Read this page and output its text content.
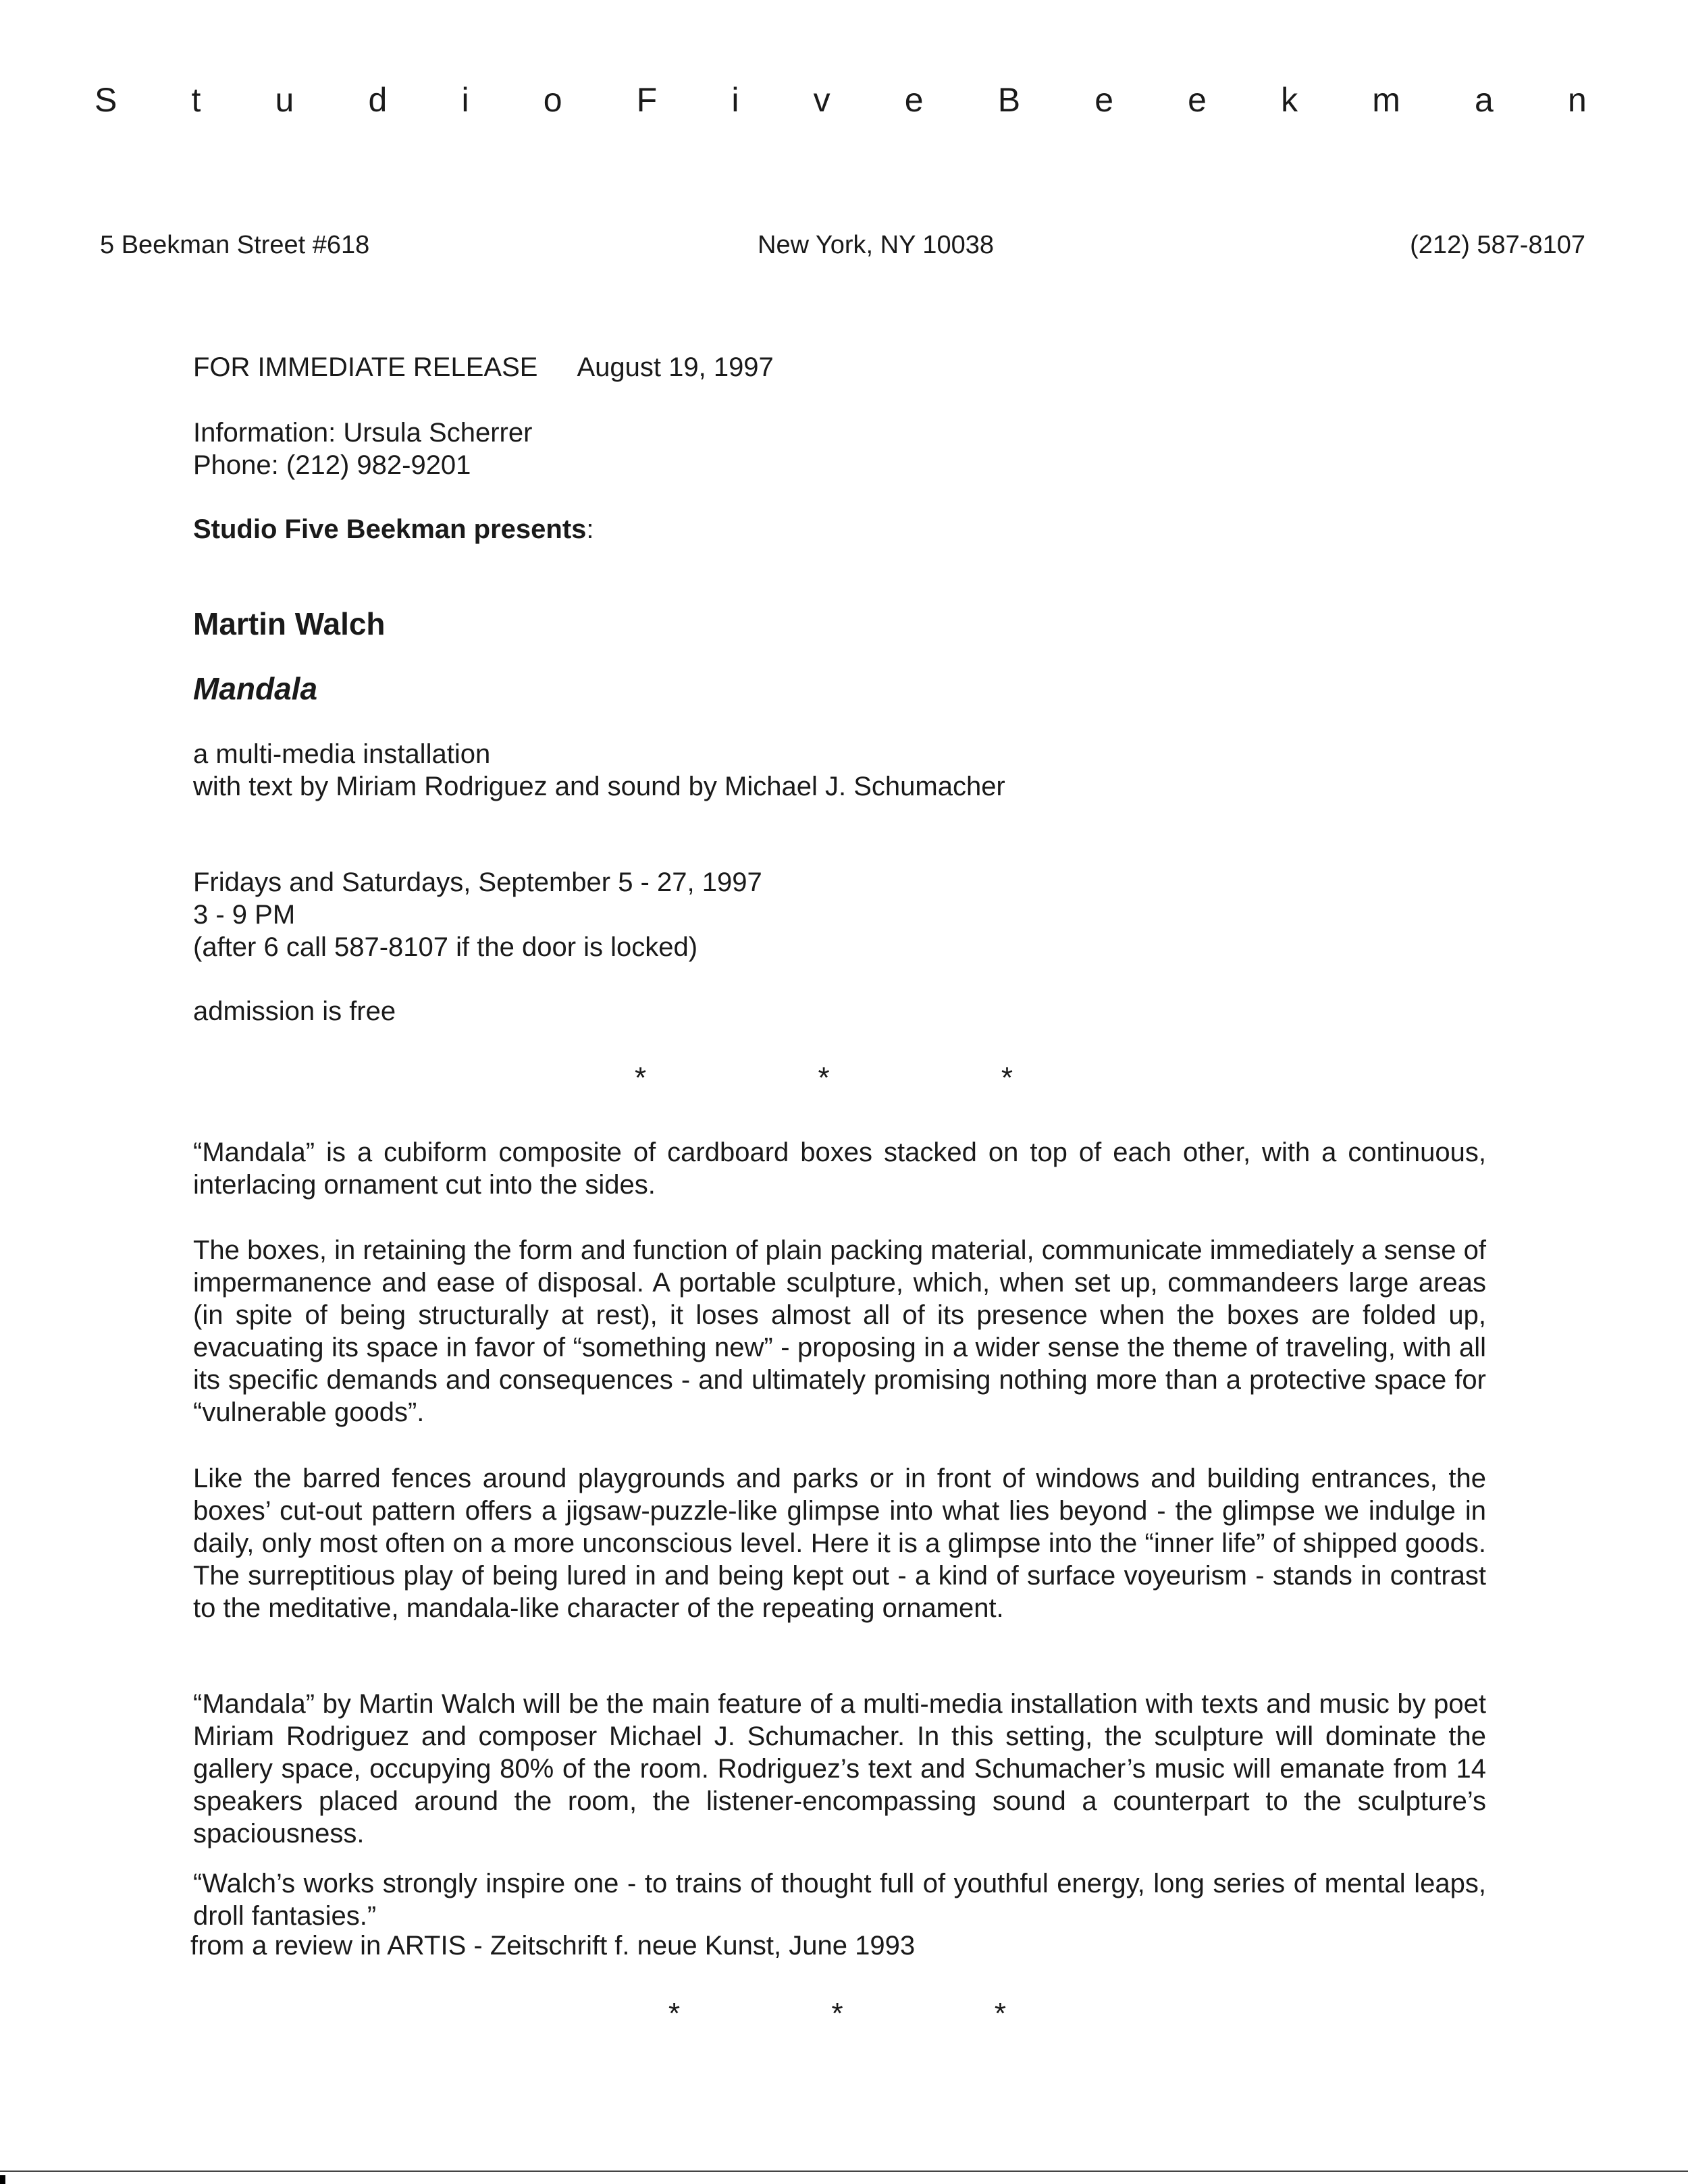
S t u d i o F i v e B e e k m a n
5 Beekman Street #618	New York, NY 10038	(212) 587-8107
FOR IMMEDIATE RELEASE August 19, 1997
Information: Ursula Scherrer
Phone: (212) 982-9201
Studio Five Beekman presents:
Martin Walch
Mandala
a multi-media installation
with text by Miriam Rodriguez and sound by Michael J. Schumacher
Fridays and Saturdays, September 5 - 27, 1997
3 - 9 PM
(after 6 call 587-8107 if the door is locked)
admission is free
*	*	*

“Mandala” is a cubiform composite of cardboard boxes stacked on top of each other, with a continuous, interlacing ornament cut into the sides.

The boxes, in retaining the form and function of plain packing material, communicate immediately a sense of impermanence and ease of disposal. A portable sculpture, which, when set up, commandeers large areas (in spite of being structurally at rest), it loses almost all of its presence when the boxes are folded up, evacuating its space in favor of “something new” - proposing in a wider sense the theme of traveling, with all its specific demands and consequences - and ultimately promising nothing more than a protective space for “vulnerable goods”.

Like the barred fences around playgrounds and parks or in front of windows and building entrances, the boxes’ cut-out pattern offers a jigsaw-puzzle-like glimpse into what lies beyond - the glimpse we indulge in daily, only most often on a more unconscious level. Here it is a glimpse into the “inner life” of shipped goods. The surreptitious play of being lured in and being kept out - a kind of surface voyeurism - stands in contrast to the meditative, mandala-like character of the repeating ornament.

“Mandala” by Martin Walch will be the main feature of a multi-media installation with texts and music by poet Miriam Rodriguez and composer Michael J. Schumacher. In this setting, the sculpture will dominate the gallery space, occupying 80% of the room. Rodriguez’s text and Schumacher’s music will emanate from 14 speakers placed around the room, the listener-encompassing sound a counterpart to the sculpture’s spaciousness.

“Walch’s works strongly inspire one - to trains of thought full of youthful energy, long series of mental leaps, droll fantasies.”

from a review in ARTIS - Zeitschrift f. neue Kunst, June 1993
*	*	*
